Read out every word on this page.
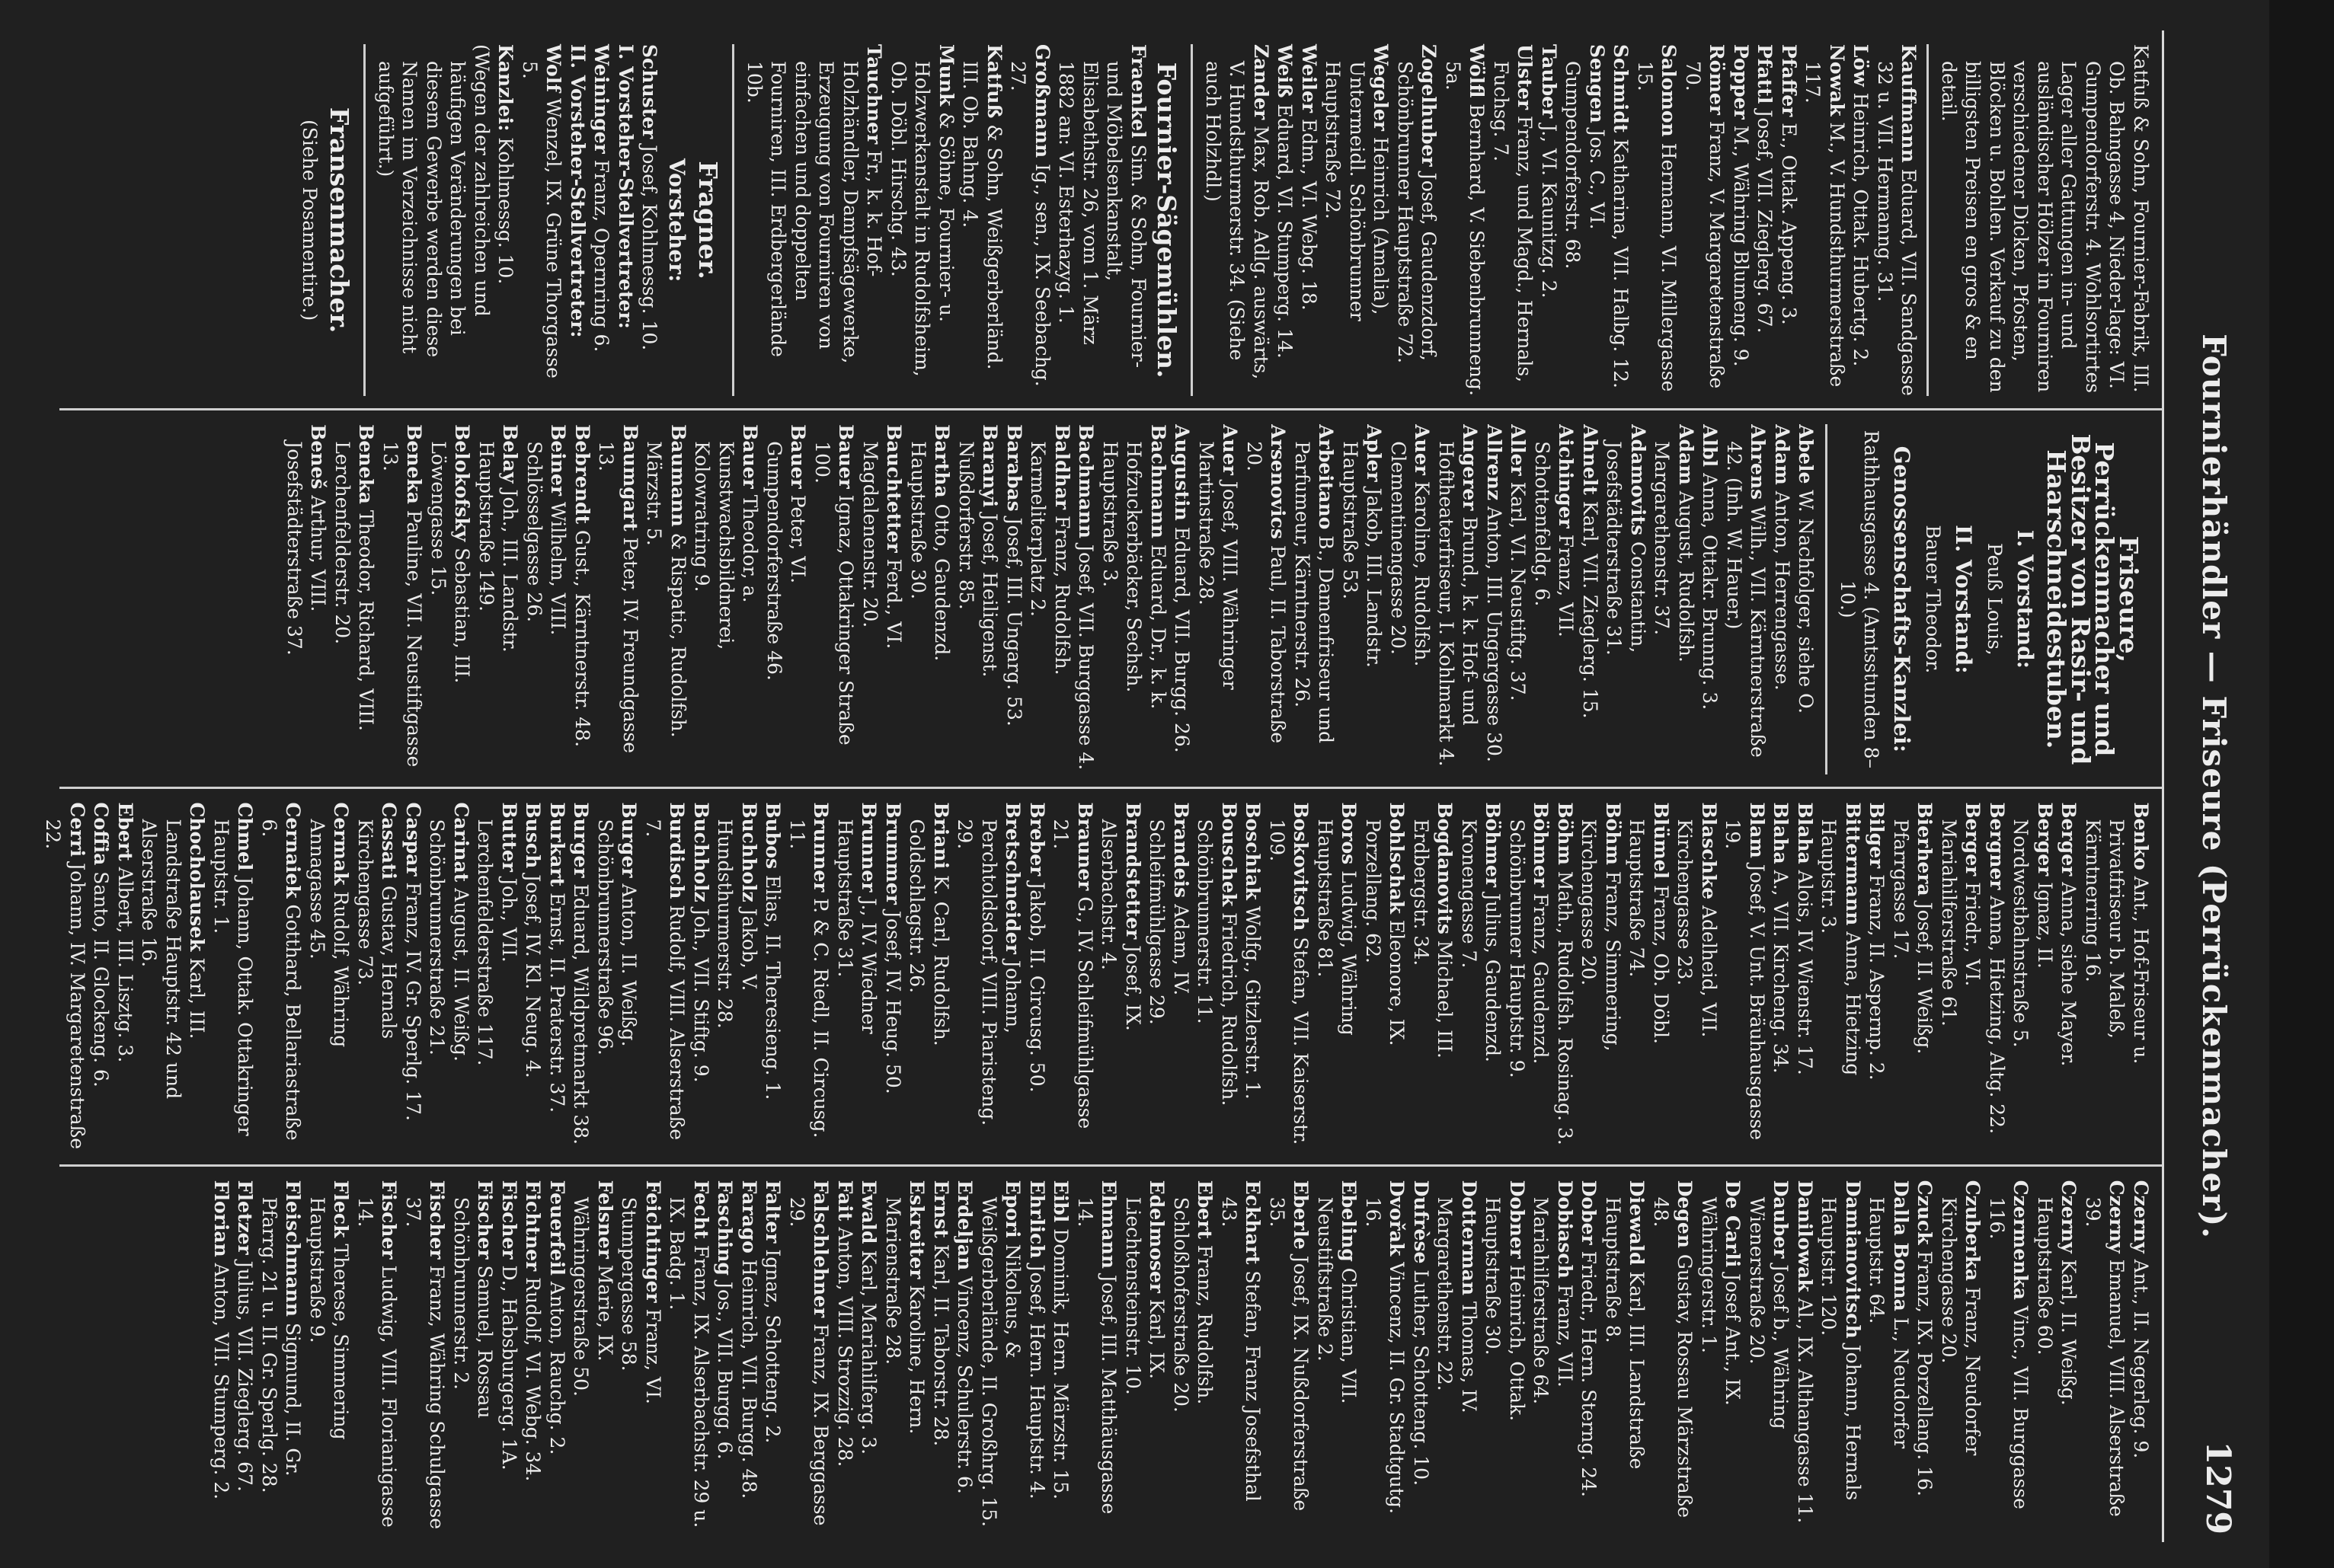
Fournierhändler — Friseure (Perrückenmacher).
1279
Katfuß & Sohn, Fournier-Fabrik, III. Ob. Bahngasse 4, Nieder-lage: VI. Gumpendorferstr. 4. Wohlsortirtes Lager aller Gattungen in- und ausländischer Hölzer in Fourniren verschiedener Dicken, Pfosten, Blöcken u. Bohlen. Verkauf zu den billigsten Preisen en gros & en detail.
Kauffmann Eduard, VII. Sandgasse 32 u. VII. Hermanng. 31.
Löw Heinrich, Ottak. Hubertg. 2.
Nowak M., V. Hundsthurmerstraße 117.
Pfaffer E., Ottak. Appeng. 3.
Pfattl Josef, VII. Zieglerg. 67.
Popper M., Währing Blumeng. 9.
Römer Franz, V. Margaretenstraße 70.
Salomon Hermann, VI. Millergasse 15.
Schmidt Katharina, VII. Halbg. 12.
Sengen Jos. C., VI. Gumpendorferstr. 68.
Tauber J., VI. Kaunitzg. 2.
Ulster Franz, und Magd., Hernals, Fuchsg. 7.
Wölfl Bernhard, V. Siebenbrunneng. 5a.
Zogelhuber Josef, Gaudenzdorf, Schönbrunner Hauptstraße 72.
Wegeler Heinrich (Amalia), Untermeidl. Schönbrunner Hauptstraße 72.
Weiler Edm., VI. Webg. 18.
Weiß Eduard, VI. Stumperg. 14.
Zander Max, Rob. Adlg. auswärts, V. Hundsthurmerstr. 34. (Siehe auch Holzhdl.)
Fournier-Sägemühlen.
Fraenkel Sim. & Sohn, Fournier- und Möbelsenkanstalt, Elisabethstr. 26, vom 1. März 1882 an: VI. Esterhazyg. 1.
Großmann Ig., sen., IX. Seebachg. 27.
Katfuß & Sohn, Weißgerberländ. III. Ob. Bahng. 4.
Munk & Söhne, Fournier- u. Holzwerkanstalt in Rudolfsheim, Ob. Döbl. Hirschg. 43.
Tauchner Fr., k. k. Hof-Holzhändler, Dampfsägewerke, Erzeugung von Fourniren von einfachen und doppelten Fourniren, III. Erdbergerlände 10b.
Fragner.
Vorsteher:
Schuster Josef, Kohlmessg. 10.
I. Vorsteher-Stellvertreter:
Weininger Franz, Opernring 6.
II. Vorsteher-Stellvertreter:
Wolf Wenzel, IX. Grüne Thorgasse 5.
Kanzlei: Kohlmessg. 10.
(Wegen der zahlreichen und häufigen Veränderungen bei diesem Gewerbe werden diese Namen im Verzeichnisse nicht aufgeführt.)
Fransenmacher.
(Siehe Posamentire.)
Friseure, Perrückenmacher und Besitzer von Rasir- und Haarschneidestuben.
I. Vorstand:
Peuß Louis,
II. Vorstand:
Bauer Theodor.
Genossenschafts-Kanzlei:
Rathhausgasse 4. (Amtsstunden 8–10.)
Abele W. Nachfolger, siehe O.
Adam Anton, Herrengasse.
Ahrens Wilh., VII. Kärntnerstraße 42. (Inh. W. Hauer.)
Albl Anna, Ottakr. Brunng. 3.
Adam August, Rudolfsh. Margarethenstr. 37.
Adamovits Constantin, Josefstädterstraße 31.
Ahnelt Karl, VII. Zieglerg. 15.
Aichinger Franz, VII. Schottenfeldg. 6.
Aller Karl, VI. Neustiftg. 37.
Allrenz Anton, III. Ungargasse 30.
Angerer Brund., k. k. Hof- und Hoftheaterfriseur, I. Kohlmarkt 4.
Auer Karoline, Rudolfsh. Clementinengasse 20.
Apler Jakob, III. Landstr. Hauptstraße 53.
Arbeitano B., Damenfriseur und Parfumeur, Kärntnerstr. 26.
Arsenovics Paul, II. Taborstraße 20.
Auer Josef, VIII. Währinger Martinstraße 28.
Augustin Eduard, VII. Burgg. 26.
Bachmann Eduard, Dr., k. k. Hofzuckerbäcker, Sechsh. Hauptstraße 3.
Bachmann Josef, VII. Burggasse 4.
Baldhar Franz, Rudolfsh. Karmeliterplatz 2.
Barabas Josef, III. Ungarg. 53.
Baranyi Josef, Heiligenst. Nußdorferstr. 85.
Bartha Otto, Gaudenzd. Hauptstraße 30.
Bauchtetter Ferd., VI. Magdalenenstr. 20.
Bauer Ignaz, Ottakringer Straße 100.
Bauer Peter, VI. Gumpendorferstraße 46.
Bauer Theodor, a. Kunstwachsbildnerei, Kolowratring 9.
Baumann & Rispatic, Rudolfsh. Märzstr. 5.
Baumgart Peter, IV. Freundgasse 13.
Bebrendt Gust., Kärntnerstr. 48.
Beiner Wilhelm, VIII. Schlösselgasse 26.
Belay Joh., III. Landstr. Hauptstraße 149.
Belokofsky Sebastian, III. Löwengasse 15.
Beneka Pauline, VII. Neustiftgasse 13.
Beneka Theodor, Richard, VIII. Lerchenfelderstr. 20.
Beneš Arthur, VIII. Josefstädterstraße 37.
Benko Ant., Hof-Friseur u. Privatfriseur b. Maleß, Kärntnerring 16.
Berger Anna, siehe Mayer.
Berger Ignaz, II. Nordwestbahnstraße 5.
Bergner Anna, Hietzing, Altg. 22.
Berger Friedr., VI. Mariahilferstraße 61.
Bierhera Josef, II. Weißg. Pfarrgasse 17.
Bilger Franz, II. Aspernp. 2.
Bittermann Anna, Hietzing Hauptstr. 3.
Blaha Alois, IV. Wienstr. 17.
Blaha A., VII. Kircheng. 34.
Blam Josef, V. Unt. Bräuhausgasse 19.
Blaschke Adelheid, VII. Kirchengasse 23.
Blümel Franz, Ob. Döbl. Hauptstraße 74.
Böhm Franz, Simmering, Kirchengasse 20.
Böhm Math., Rudolfsh. Rosinag. 3.
Böhmer Franz, Gaudenzd. Schönbrunner Hauptstr. 9.
Böhmer Julius, Gaudenzd. Kronengasse 7.
Bogdanovits Michael, III. Erdbergstr. 34.
Bohlschak Eleonore, IX. Porzellang. 62.
Boros Ludwig, Währing Hauptstraße 81.
Boskovitsch Stefan, VII. Kaiserstr. 109.
Boschiak Wolfg., Gitzlerstr. 1.
Bouschek Friedrich, Rudolfsh. Schönbrunnerstr. 11.
Brandeis Adam, IV. Schleifmühlgasse 29.
Brandstetter Josef, IX. Alserbachstr. 4.
Brauner G., IV. Schleifmühlgasse 21.
Breber Jakob, II. Circusg. 50.
Bretschneider Johann, Perchtoldsdorf, VIII. Piaristeng. 29.
Briani K. Carl, Rudolfsh. Goldschlagstr. 26.
Brummer Josef, IV. Heug. 50.
Brunner J., IV. Wiedner Hauptstraße 31.
Brunner P. & C. Riedl, II. Circusg. 11.
Bubos Elias, II. Theresieng. 1.
Buchholz Jakob, V. Hundsthurmerstr. 28.
Buchholz Joh., VII. Stiftg. 9.
Burdisch Rudolf, VIII. Alserstraße 7.
Burger Anton, II. Weißg. Schönbrunnerstraße 96.
Burger Eduard, Wildpretmarkt 38.
Burkart Ernst, II. Praterstr. 37.
Busch Josef, IV. Kl. Neug. 4.
Butter Joh., VII. Lerchenfelderstraße 117.
Carinat August, II. Weißg. Schönbrunnerstraße 21.
Caspar Franz, IV. Gr. Sperlg. 17.
Cassati Gustav, Hernals Kirchengasse 73.
Cermak Rudolf, Währing Annagasse 45.
Cernaiek Gotthard, Bellariastraße 6.
Chmel Johann, Ottak. Ottakringer Hauptstr. 1.
Chocholausek Karl, III. Landstraße Hauptstr. 42 und Alserstraße 16.
Ebert Albert, III. Lisztg. 3.
Coffia Santo, II. Glockeng. 6.
Cerri Johann, IV. Margaretenstraße 22.
Czerny Ant., II. Negerleg. 9.
Czerny Emanuel, VIII. Alserstraße 39.
Czerny Karl, II. Weißg. Hauptstraße 60.
Czermenka Vinc., VII. Burggasse 116.
Czuberka Franz, Neudorfer Kirchengasse 20.
Czuck Franz, IX. Porzellang. 16.
Dalla Bonna L., Neudorfer Hauptstr. 64.
Damianovitsch Johann, Hernals Hauptstr. 120.
Danilowak Al., IX. Althangasse 11.
Dauber Josef b., Währing Wienerstraße 20.
De Carli Josef Ant., IX. Währingerstr. 1.
Degen Gustav, Rossau Märzstraße 48.
Diewald Karl, III. Landstraße Hauptstraße 8.
Dober Friedr., Hern. Sterng. 24.
Dobiasch Franz, VII. Mariahilferstraße 64.
Dobner Heinrich, Ottak. Hauptstraße 30.
Dotterman Thomas, IV. Margarethenstr. 22.
Dufrèse Luther, Schotteng. 10.
Dvořak Vincenz, II. Gr. Stadtgutg. 16.
Ebeling Christian, VII. Neustiftstraße 2.
Eberle Josef, IX. Nußdorferstraße 35.
Eckhart Stefan, Franz Josefsthal 43.
Ebert Franz, Rudolfsh. Schloßhoferstraße 20.
Edelmoser Karl, IX. Liechtensteinstr. 10.
Ehmann Josef, III. Matthäusgasse 14.
Eibl Dominik, Hern. Märzstr. 15.
Ehrlich Josef, Hern. Hauptstr. 4.
Epori Nikolaus, & Weißgerberlände, II. Großhrg. 15.
Erdeljan Vincenz, Schulerstr. 6.
Ernst Karl, II. Taborstr. 28.
Eskreiter Karoline, Hern. Marienstraße 28.
Ewald Karl, Mariahilferg. 3.
Fait Anton, VIII. Strozzig. 28.
Falschlehner Franz, IX. Berggasse 29.
Falter Ignaz, Schotteng. 2.
Farago Heinrich, VII. Burgg. 48.
Fasching Jos., VII. Burgg. 6.
Fecht Franz, IX. Alserbachstr. 29 u. IX. Badg. 1.
Feichtinger Franz, VI. Stumpergasse 58.
Felsner Marie, IX. Währingerstraße 50.
Feuerfeil Anton, Rauchg. 2.
Fichtner Rudolf, VI. Webg. 34.
Fischer D., Habsburgerg. 1A.
Fischer Samuel, Rossau Schönbrunnerstr. 2.
Fischer Franz, Währing Schulgasse 37.
Fischer Ludwig, VIII. Florianigasse 14.
Fleck Therese, Simmering Hauptstraße 9.
Fleischmann Sigmund, II. Gr. Pfarrg. 21 u. II. Gr. Sperlg. 28.
Fletzer Julius, VII. Zieglerg. 67.
Florian Anton, VII. Stumperg. 2.
